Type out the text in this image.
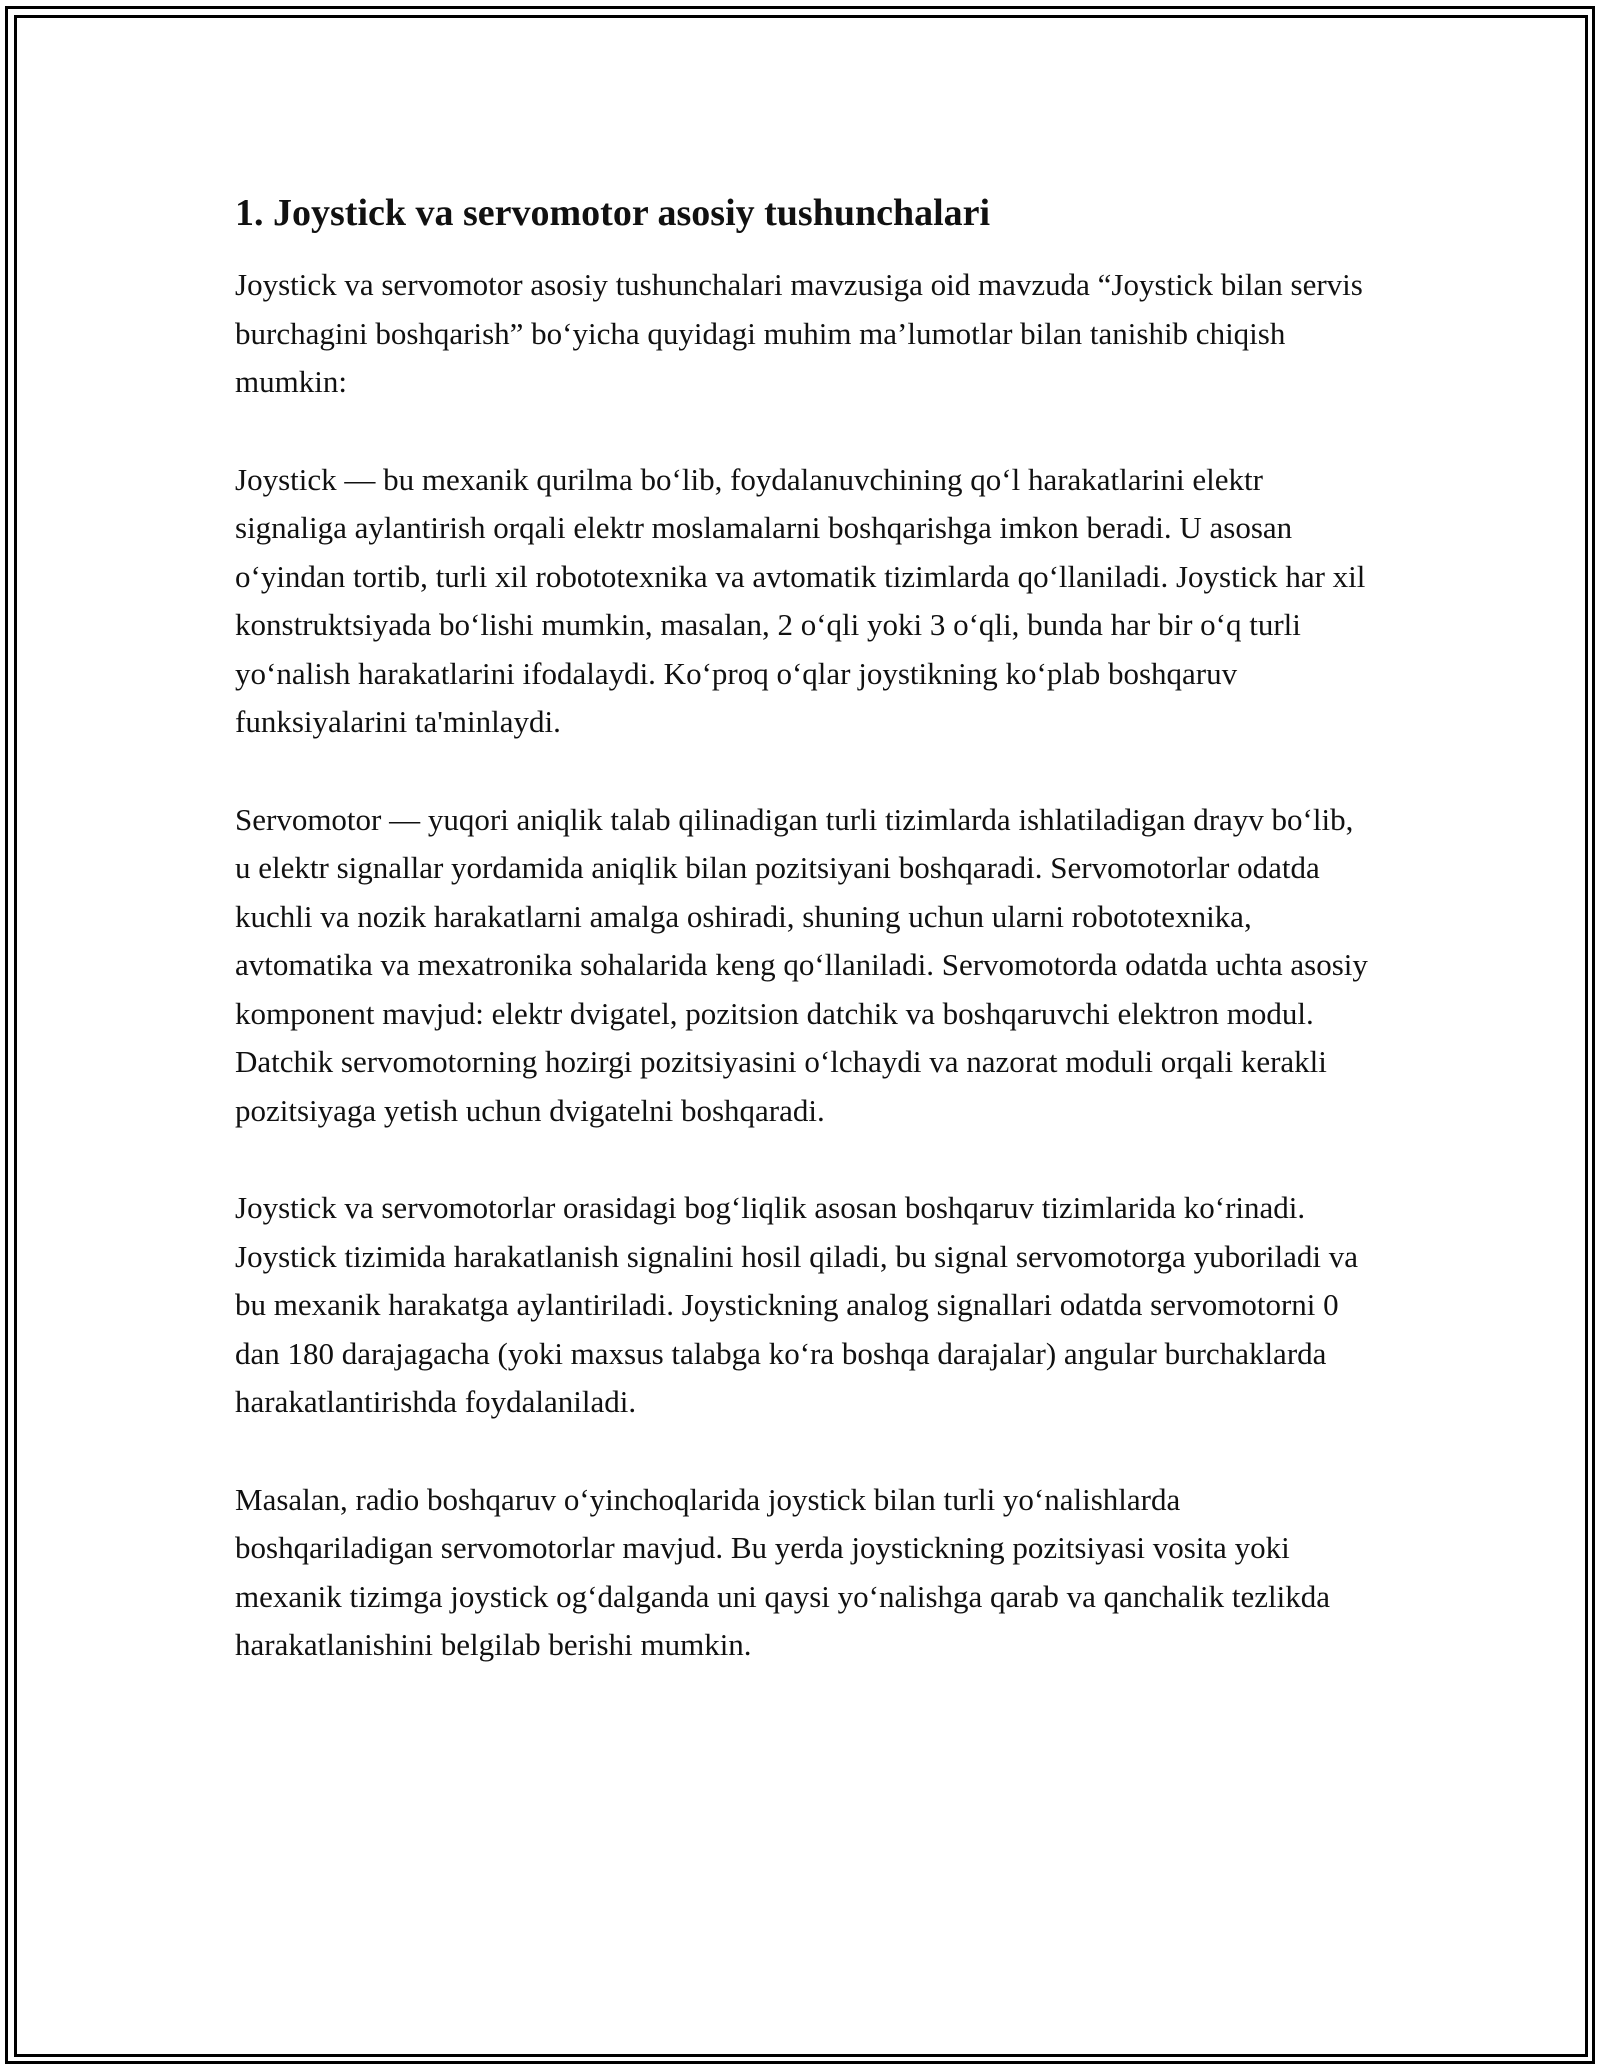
1. Joystick va servomotor asosiy tushunchalari

Joystick va servomotor asosiy tushunchalari mavzusiga oid mavzuda “Joystick bilan servis burchagini boshqarish” bo‘yicha quyidagi muhim ma’lumotlar bilan tanishib chiqish mumkin:

Joystick — bu mexanik qurilma bo‘lib, foydalanuvchining qo‘l harakatlarini elektr signaliga aylantirish orqali elektr moslamalarni boshqarishga imkon beradi. U asosan o‘yindan tortib, turli xil robototexnika va avtomatik tizimlarda qo‘llaniladi. Joystick har xil konstruktsiyada bo‘lishi mumkin, masalan, 2 o‘qli yoki 3 o‘qli, bunda har bir o‘q turli yo‘nalish harakatlarini ifodalaydi. Ko‘proq o‘qlar joystikning ko‘plab boshqaruv funksiyalarini ta'minlaydi.

Servomotor — yuqori aniqlik talab qilinadigan turli tizimlarda ishlatiladigan drayv bo‘lib, u elektr signallar yordamida aniqlik bilan pozitsiyani boshqaradi. Servomotorlar odatda kuchli va nozik harakatlarni amalga oshiradi, shuning uchun ularni robototexnika, avtomatika va mexatronika sohalarida keng qo‘llaniladi. Servomotorda odatda uchta asosiy komponent mavjud: elektr dvigatel, pozitsion datchik va boshqaruvchi elektron modul. Datchik servomotorning hozirgi pozitsiyasini o‘lchaydi va nazorat moduli orqali kerakli pozitsiyaga yetish uchun dvigatelni boshqaradi.

Joystick va servomotorlar orasidagi bog‘liqlik asosan boshqaruv tizimlarida ko‘rinadi. Joystick tizimida harakatlanish signalini hosil qiladi, bu signal servomotorga yuboriladi va bu mexanik harakatga aylantiriladi. Joystickning analog signallari odatda servomotorni 0 dan 180 darajagacha (yoki maxsus talabga ko‘ra boshqa darajalar) angular burchaklarda harakatlantirishda foydalaniladi.

Masalan, radio boshqaruv o‘yinchoqlarida joystick bilan turli yo‘nalishlarda boshqariladigan servomotorlar mavjud. Bu yerda joystickning pozitsiyasi vosita yoki mexanik tizimga joystick og‘dalganda uni qaysi yo‘nalishga qarab va qanchalik tezlikda harakatlanishini belgilab berishi mumkin.
